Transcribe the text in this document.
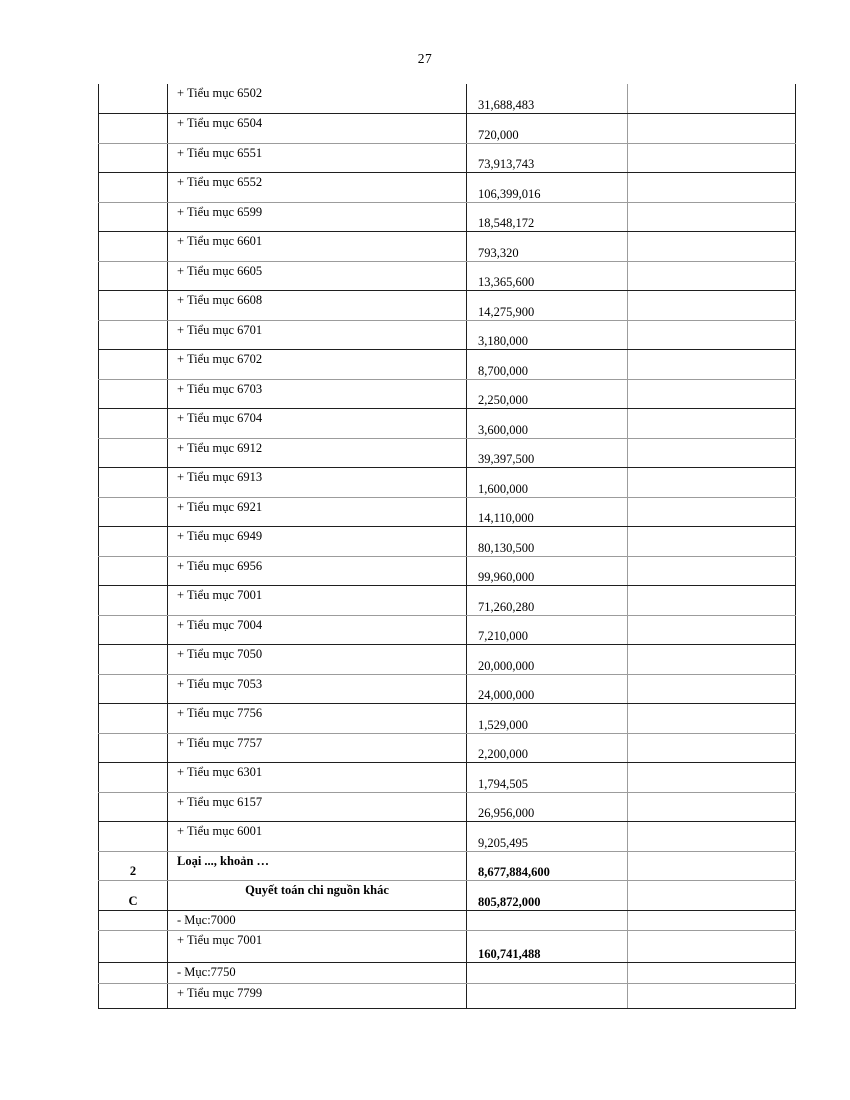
27

	+ Tiểu mục 6502	31,688,483	

	+ Tiểu mục 6504	720,000	

	+ Tiểu mục 6551	73,913,743	

	+ Tiểu mục 6552	106,399,016	

	+ Tiểu mục 6599	18,548,172	

	+ Tiểu mục 6601	793,320	

	+ Tiểu mục 6605	13,365,600	

	+ Tiểu mục 6608	14,275,900	

	+ Tiểu mục 6701	3,180,000	

	+ Tiểu mục 6702	8,700,000	

	+ Tiểu mục 6703	2,250,000	

	+ Tiểu mục 6704	3,600,000	

	+ Tiểu mục 6912	39,397,500	

	+ Tiểu mục 6913	1,600,000	

	+ Tiểu mục 6921	14,110,000	

	+ Tiểu mục 6949	80,130,500	

	+ Tiểu mục 6956	99,960,000	

	+ Tiểu mục 7001	71,260,280	

	+ Tiểu mục 7004	7,210,000	

	+ Tiểu mục 7050	20,000,000	

	+ Tiểu mục 7053	24,000,000	

	+ Tiểu mục 7756	1,529,000	

	+ Tiểu mục 7757	2,200,000	

	+ Tiểu mục 6301	1,794,505	

	+ Tiểu mục 6157	26,956,000	

	+ Tiểu mục 6001	9,205,495	

2	Loại ..., khoản …	8,677,884,600	

C	Quyết toán chi nguồn khác	805,872,000	

	- Mục:7000		

	+ Tiểu mục 7001	160,741,488	

	- Mục:7750		

	+ Tiểu mục 7799		
